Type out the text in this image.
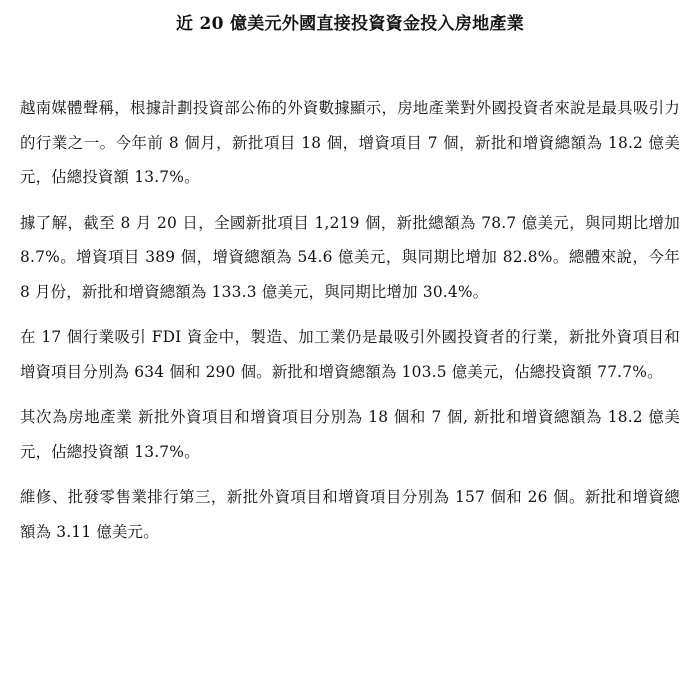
近 20 億美元外國直接投資資金投入房地產業

越南媒體聲稱，根據計劃投資部公佈的外資數據顯示，房地產業對外國投資者來說是最具吸引力的行業之一。今年前 8 個月，新批項目 18 個，增資項目 7 個，新批和增資總額為 18.2 億美元，佔總投資額 13.7%。

據了解，截至 8 月 20 日，全國新批項目 1,219 個，新批總額為 78.7 億美元，與同期比增加 8.7%。增資項目 389 個，增資總額為 54.6 億美元，與同期比增加 82.8%。總體來說，今年 8 月份，新批和增資總額為 133.3 億美元，與同期比增加 30.4%。

在 17 個行業吸引 FDI 資金中，製造、加工業仍是最吸引外國投資者的行業，新批外資項目和增資項目分別為 634 個和 290 個。新批和增資總額為 103.5 億美元，佔總投資額 77.7%。

其次為房地產業 新批外資項目和增資項目分別為 18 個和 7 個, 新批和增資總額為 18.2 億美元，佔總投資額 13.7%。

維修、批發零售業排行第三，新批外資項目和增資項目分別為 157 個和 26 個。新批和增資總額為 3.11 億美元。
